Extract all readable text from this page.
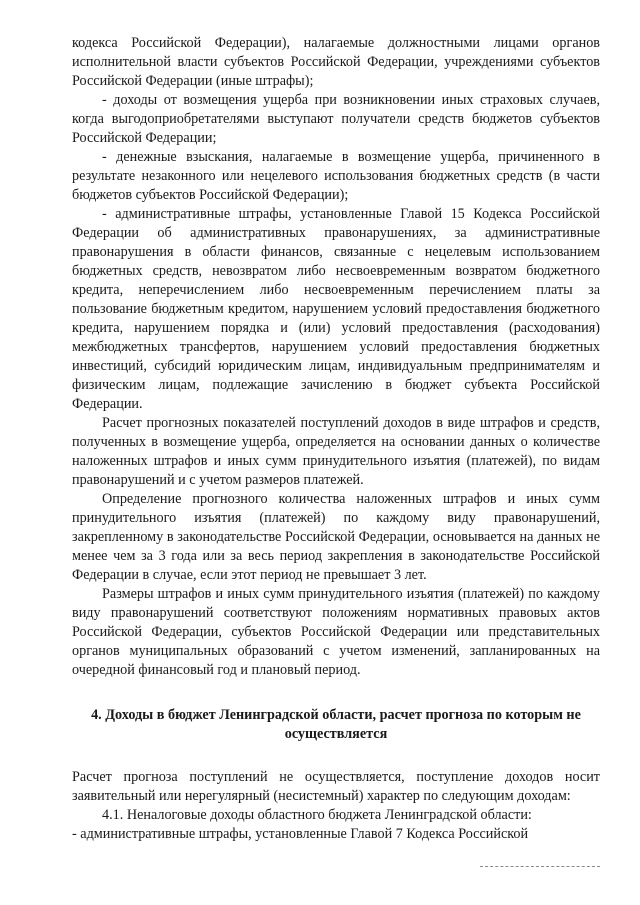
кодекса Российской Федерации), налагаемые должностными лицами органов исполнительной власти субъектов Российской Федерации, учреждениями субъектов Российской Федерации (иные штрафы);

- доходы от возмещения ущерба при возникновении иных страховых случаев, когда выгодоприобретателями выступают получатели средств бюджетов субъектов Российской Федерации;

- денежные взыскания, налагаемые в возмещение ущерба, причиненного в результате незаконного или нецелевого использования бюджетных средств (в части бюджетов субъектов Российской Федерации);

- административные штрафы, установленные Главой 15 Кодекса Российской Федерации об административных правонарушениях, за административные правонарушения в области финансов, связанные с нецелевым использованием бюджетных средств, невозвратом либо несвоевременным возвратом бюджетного кредита, неперечислением либо несвоевременным перечислением платы за пользование бюджетным кредитом, нарушением условий предоставления бюджетного кредита, нарушением порядка и (или) условий предоставления (расходования) межбюджетных трансфертов, нарушением условий предоставления бюджетных инвестиций, субсидий юридическим лицам, индивидуальным предпринимателям и физическим лицам, подлежащие зачислению в бюджет субъекта Российской Федерации.

Расчет прогнозных показателей поступлений доходов в виде штрафов и средств, полученных в возмещение ущерба, определяется на основании данных о количестве наложенных штрафов и иных сумм принудительного изъятия (платежей), по видам правонарушений и с учетом размеров платежей.

Определение прогнозного количества наложенных штрафов и иных сумм принудительного изъятия (платежей) по каждому виду правонарушений, закрепленному в законодательстве Российской Федерации, основывается на данных не менее чем за 3 года или за весь период закрепления в законодательстве Российской Федерации в случае, если этот период не превышает 3 лет.

Размеры штрафов и иных сумм принудительного изъятия (платежей) по каждому виду правонарушений соответствуют положениям нормативных правовых актов Российской Федерации, субъектов Российской Федерации или представительных органов муниципальных образований с учетом изменений, запланированных на очередной финансовый год и плановый период.

4. Доходы в бюджет Ленинградской области, расчет прогноза по которым не осуществляется

Расчет прогноза поступлений не осуществляется, поступление доходов носит заявительный или нерегулярный (несистемный) характер по следующим доходам:

4.1. Неналоговые доходы областного бюджета Ленинградской области:

- административные штрафы, установленные Главой 7 Кодекса Российской
